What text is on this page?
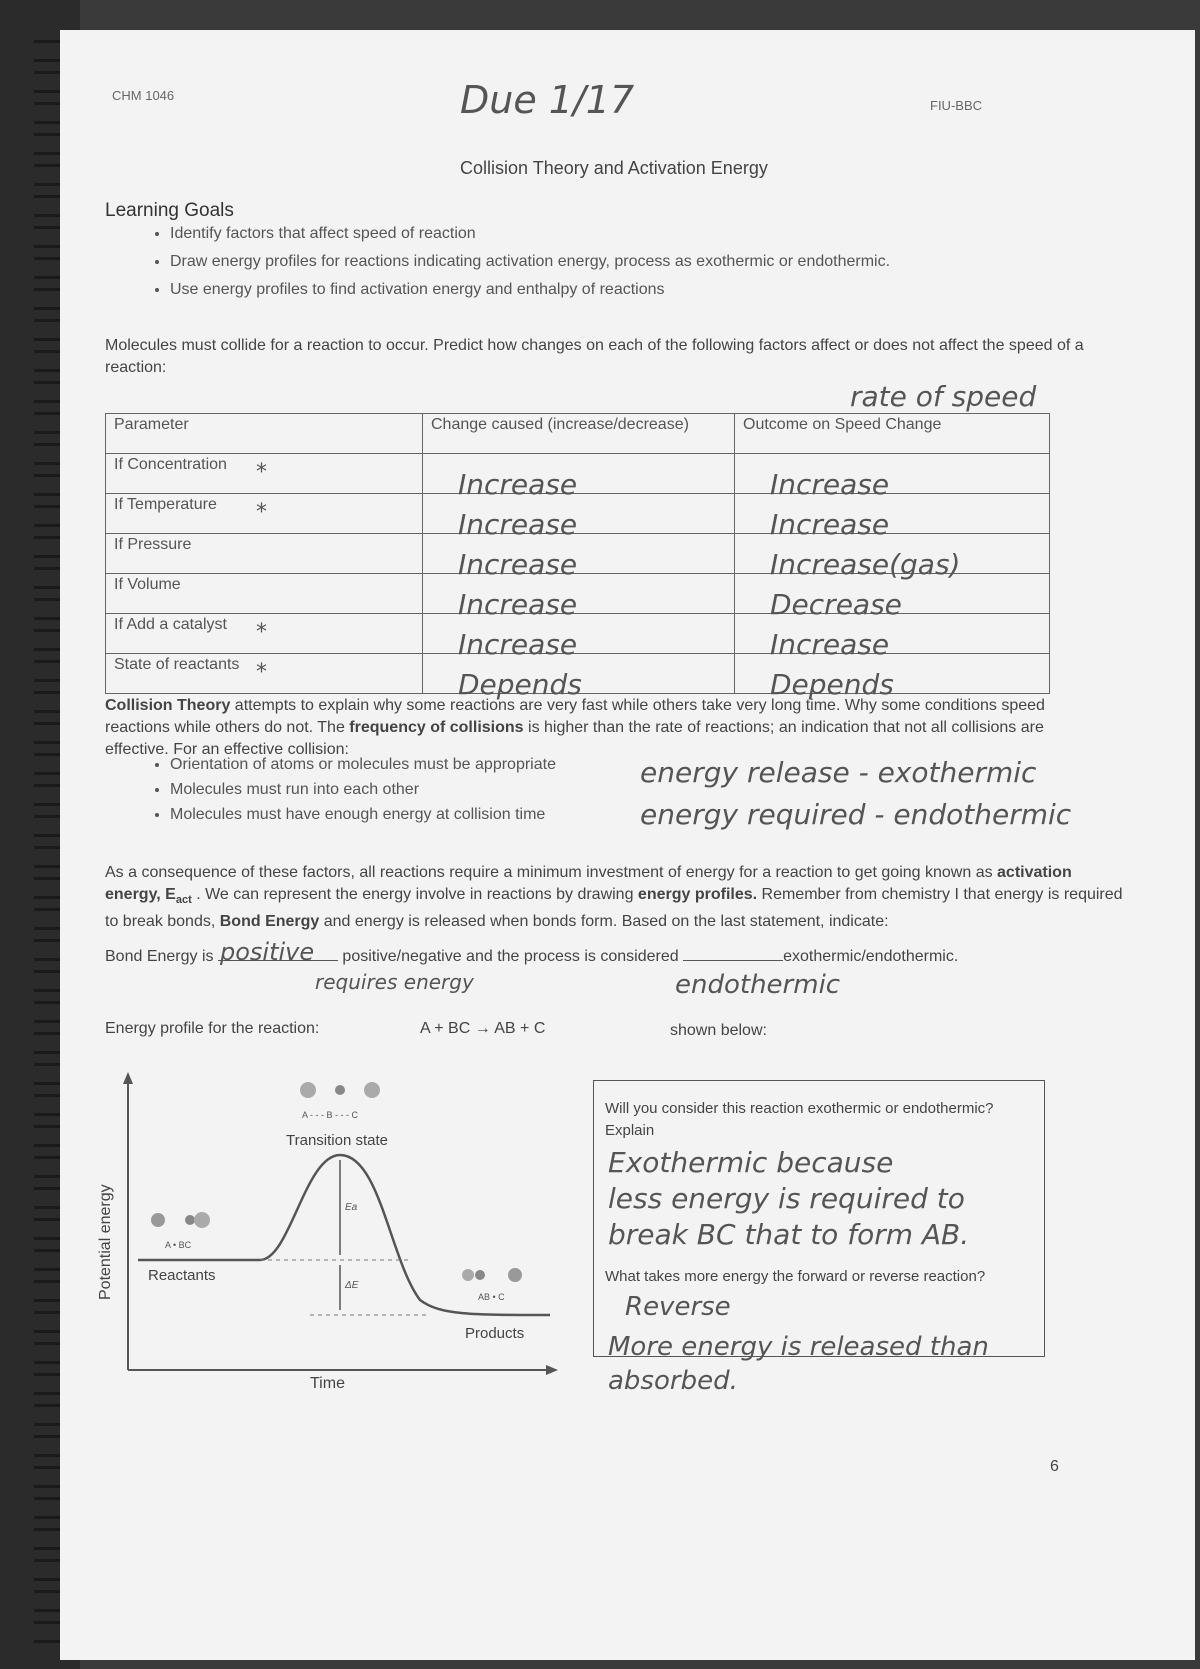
CHM 1046	Due 1/17	FIU-BBC
Collision Theory and Activation Energy
Learning Goals
• Identify factors that affect speed of reaction
• Draw energy profiles for reactions indicating activation energy, process as exothermic or endothermic.
• Use energy profiles to find activation energy and enthalpy of reactions
Molecules must collide for a reaction to occur. Predict how changes on each of the following factors affect or does not affect the speed of a reaction:
rate of speed
Parameter	Change caused (increase/decrease)	Outcome on Speed Change
If Concentration *	Increase	Increase

If Temperature *	Increase	Increase

If Pressure	Increase	Increase(gas)

If Volume	Increase	Decrease

If Add a catalyst *	Increase	Increase

State of reactants *	Depends	Depends
Collision Theory attempts to explain why some reactions are very fast while others take very long time. Why some conditions speed reactions while others do not. The frequency of collisions is higher than the rate of reactions; an indication that not all collisions are effective. For an effective collision:
• Orientation of atoms or molecules must be appropriate
• Molecules must run into each other
• Molecules must have enough energy at collision time
energy release - exothermic
energy required - endothermic
As a consequence of these factors, all reactions require a minimum investment of energy for a reaction to get going known as activation energy, $E_{act}$ . We can represent the energy involve in reactions by drawing energy profiles. Remember from chemistry I that energy is required to break bonds, Bond Energy and energy is released when bonds form. Based on the last statement, indicate:
Bond Energy is	positive/negative and the process is considered	exothermic/endothermic.
positive
requires energy	endothermic
Energy profile for the reaction:	A + BC → AB + C	shown below:
Potential energy
Time
Transition state
A - - - B - - - C
Reactants
A • BC
Products
AB • C
Ea
ΔE
Will you consider this reaction exothermic or endothermic? Explain
Exothermic because
less energy is required to
break BC that to form AB.
What takes more energy the forward or reverse reaction?
Reverse
More energy is released than
absorbed.
6
